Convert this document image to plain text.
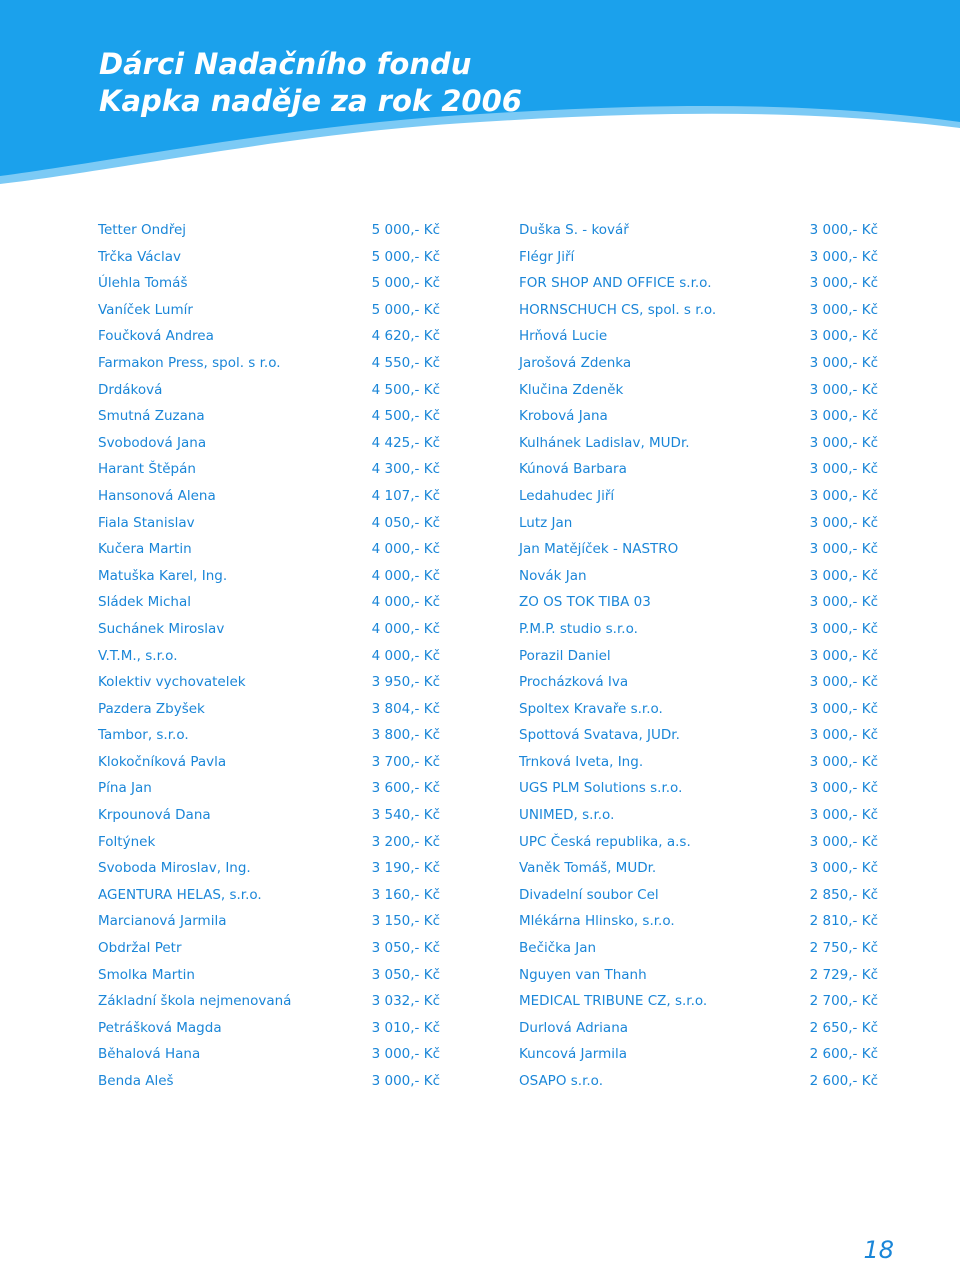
Dárci Nadačního fondu
Kapka naděje za rok 2006
Tetter Ondřej	5 000,- Kč
Trčka Václav	5 000,- Kč
Úlehla Tomáš	5 000,- Kč
Vaníček Lumír	5 000,- Kč
Foučková Andrea	4 620,- Kč
Farmakon Press, spol. s r.o.	4 550,- Kč
Drdáková	4 500,- Kč
Smutná Zuzana	4 500,- Kč
Svobodová Jana	4 425,- Kč
Harant Štěpán	4 300,- Kč
Hansonová Alena	4 107,- Kč
Fiala Stanislav	4 050,- Kč
Kučera Martin	4 000,- Kč
Matuška Karel, Ing.	4 000,- Kč
Sládek Michal	4 000,- Kč
Suchánek Miroslav	4 000,- Kč
V.T.M., s.r.o.	4 000,- Kč
Kolektiv vychovatelek	3 950,- Kč
Pazdera Zbyšek	3 804,- Kč
Tambor, s.r.o.	3 800,- Kč
Klokočníková Pavla	3 700,- Kč
Pína Jan	3 600,- Kč
Krpounová Dana	3 540,- Kč
Foltýnek	3 200,- Kč
Svoboda Miroslav, Ing.	3 190,- Kč
AGENTURA HELAS, s.r.o.	3 160,- Kč
Marcianová Jarmila	3 150,- Kč
Obdržal Petr	3 050,- Kč
Smolka Martin	3 050,- Kč
Základní škola nejmenovaná	3 032,- Kč
Petrášková Magda	3 010,- Kč
Běhalová Hana	3 000,- Kč
Benda Aleš	3 000,- Kč
Duška S. - kovář	3 000,- Kč
Flégr Jiří	3 000,- Kč
FOR SHOP AND OFFICE s.r.o.	3 000,- Kč
HORNSCHUCH CS, spol. s r.o.	3 000,- Kč
Hrňová Lucie	3 000,- Kč
Jarošová Zdenka	3 000,- Kč
Klučina Zdeněk	3 000,- Kč
Krobová Jana	3 000,- Kč
Kulhánek Ladislav, MUDr.	3 000,- Kč
Kúnová Barbara	3 000,- Kč
Ledahudec Jiří	3 000,- Kč
Lutz Jan	3 000,- Kč
Jan Matějíček - NASTRO	3 000,- Kč
Novák Jan	3 000,- Kč
ZO OS TOK TIBA 03	3 000,- Kč
P.M.P. studio s.r.o.	3 000,- Kč
Porazil Daniel	3 000,- Kč
Procházková Iva	3 000,- Kč
Spoltex Kravaře s.r.o.	3 000,- Kč
Spottová Svatava, JUDr.	3 000,- Kč
Trnková Iveta, Ing.	3 000,- Kč
UGS PLM Solutions s.r.o.	3 000,- Kč
UNIMED, s.r.o.	3 000,- Kč
UPC Česká republika, a.s.	3 000,- Kč
Vaněk Tomáš, MUDr.	3 000,- Kč
Divadelní soubor Cel	2 850,- Kč
Mlékárna Hlinsko, s.r.o.	2 810,- Kč
Bečička Jan	2 750,- Kč
Nguyen van Thanh	2 729,- Kč
MEDICAL TRIBUNE CZ, s.r.o.	2 700,- Kč
Durlová Adriana	2 650,- Kč
Kuncová Jarmila	2 600,- Kč
OSAPO s.r.o.	2 600,- Kč
18
